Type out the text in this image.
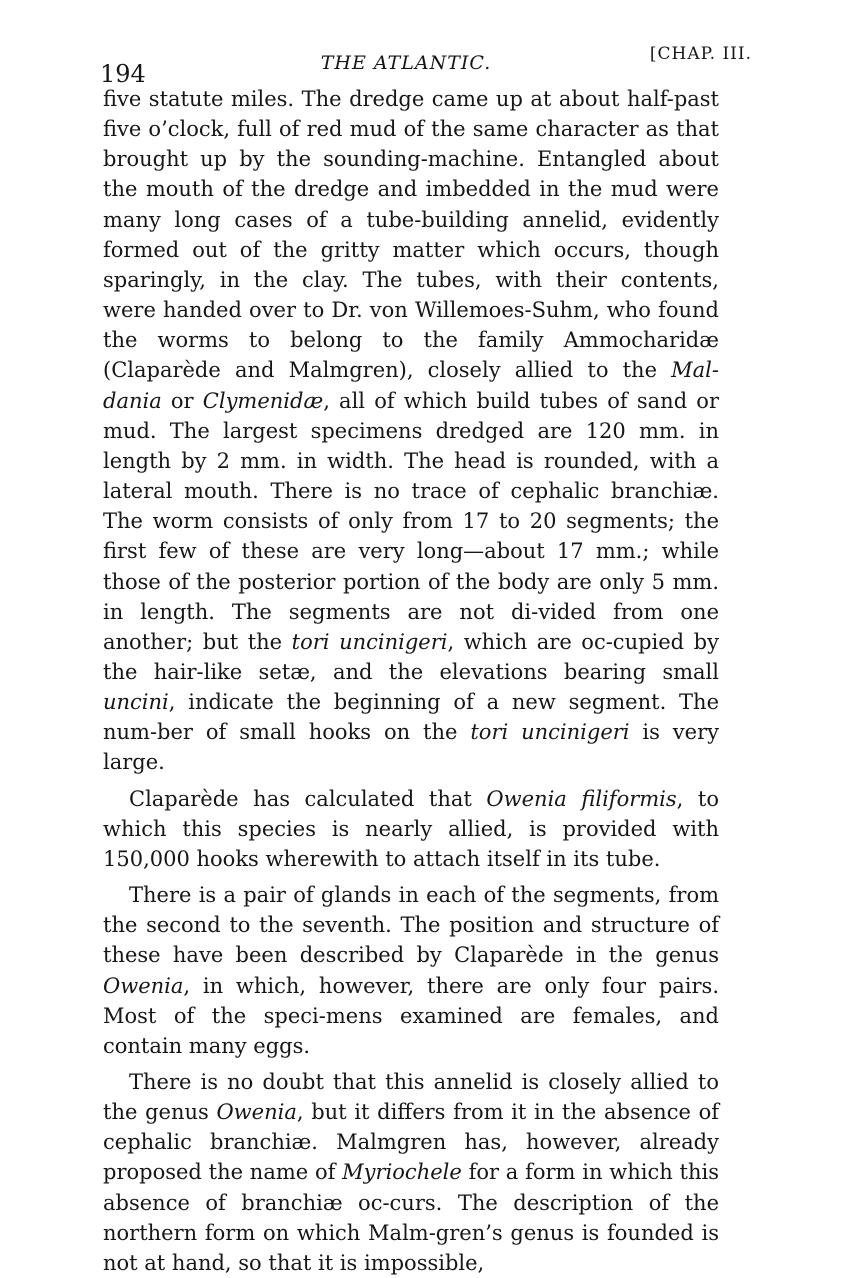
194	THE ATLANTIC.	[CHAP. III.

five statute miles. The dredge came up at about half-past five o’clock, full of red mud of the same character as that brought up by the sounding-machine. Entangled about the mouth of the dredge and imbedded in the mud were many long cases of a tube-building annelid, evidently formed out of the gritty matter which occurs, though sparingly, in the clay. The tubes, with their contents, were handed over to Dr. von Willemoes-Suhm, who found the worms to belong to the family Ammocharidæ (Claparède and Malmgren), closely allied to the Mal-dania or Clymenidæ, all of which build tubes of sand or mud. The largest specimens dredged are 120 mm. in length by 2 mm. in width. The head is rounded, with a lateral mouth. There is no trace of cephalic branchiæ. The worm consists of only from 17 to 20 segments; the first few of these are very long—about 17 mm.; while those of the posterior portion of the body are only 5 mm. in length. The segments are not di-vided from one another; but the tori uncinigeri, which are oc-cupied by the hair-like setæ, and the elevations bearing small uncini, indicate the beginning of a new segment. The num-ber of small hooks on the tori uncinigeri is very large.

Claparède has calculated that Owenia filiformis, to which this species is nearly allied, is provided with 150,000 hooks wherewith to attach itself in its tube.

There is a pair of glands in each of the segments, from the second to the seventh. The position and structure of these have been described by Claparède in the genus Owenia, in which, however, there are only four pairs. Most of the speci-mens examined are females, and contain many eggs.

There is no doubt that this annelid is closely allied to the genus Owenia, but it differs from it in the absence of cephalic branchiæ. Malmgren has, however, already proposed the name of Myriochele for a form in which this absence of branchiæ oc-curs. The description of the northern form on which Malm-gren’s genus is founded is not at hand, so that it is impossible,
